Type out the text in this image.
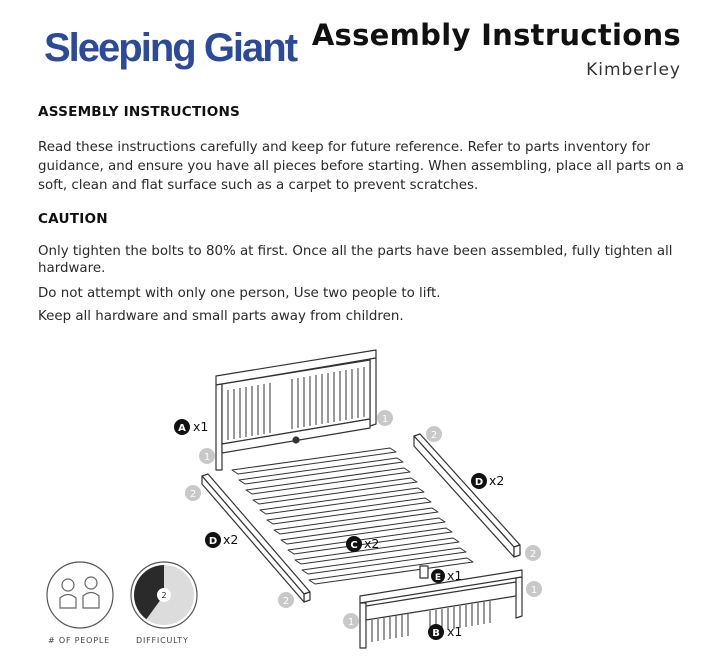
Sleeping Giant Assembly Instructions
Kimberley
ASSEMBLY INSTRUCTIONS
Read these instructions carefully and keep for future reference. Refer to parts inventory for guidance, and ensure you have all pieces before starting. When assembling, place all parts on a soft, clean and flat surface such as a carpet to prevent scratches.
CAUTION
Only tighten the bolts to 80% at first. Once all the parts have been assembled, fully tighten all hardware.
Do not attempt with only one person, Use two people to lift.
Keep all hardware and small parts away from children.
1
1
2
2
2
1
2
1
A x1
B x1
C x2
D x2
D x2
E x1
2
# OF PEOPLE	DIFFICULTY
